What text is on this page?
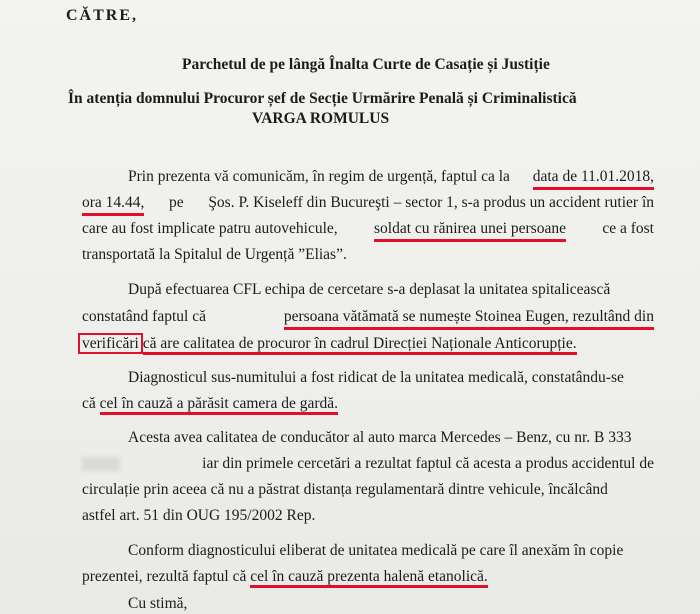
CĂTRE,
Parchetul de pe lângă Înalta Curte de Casație și Justiție
În atenția domnului Procuror șef de Secție Urmărire Penală și Criminalistică
VARGA ROMULUS
Prin prezenta vă comunicăm, în regim de urgență, faptul ca la data de 11.01.2018,
ora 14.44, pe Şos. P. Kiseleff din Bucureşti – sector 1, s-a produs un accident rutier în
care au fost implicate patru autovehicule, soldat cu rănirea unei persoane ce a fost
transportată la Spitalul de Urgență ”Elias”.
După efectuarea CFL echipa de cercetare s-a deplasat la unitatea spitalicească
constatând faptul că	persoana vătămată se numește Stoinea Eugen, rezultând din
verificări că are calitatea de procuror în cadrul Direcției Naționale Anticorupție.
Diagnosticul sus-numitului a fost ridicat de la unitatea medicală, constatându-se
că cel în cauză a părăsit camera de gardă.
Acesta avea calitatea de conducător al auto marca Mercedes – Benz, cu nr. B 333
iar din primele cercetări a rezultat faptul că acesta a produs accidentul de
circulație prin aceea că nu a păstrat distanța regulamentară dintre vehicule, încălcând
astfel art. 51 din OUG 195/2002 Rep.
Conform diagnosticului eliberat de unitatea medicală pe care îl anexăm în copie
prezentei, rezultă faptul că cel în cauză prezenta halenă etanolică.
Cu stimă,
